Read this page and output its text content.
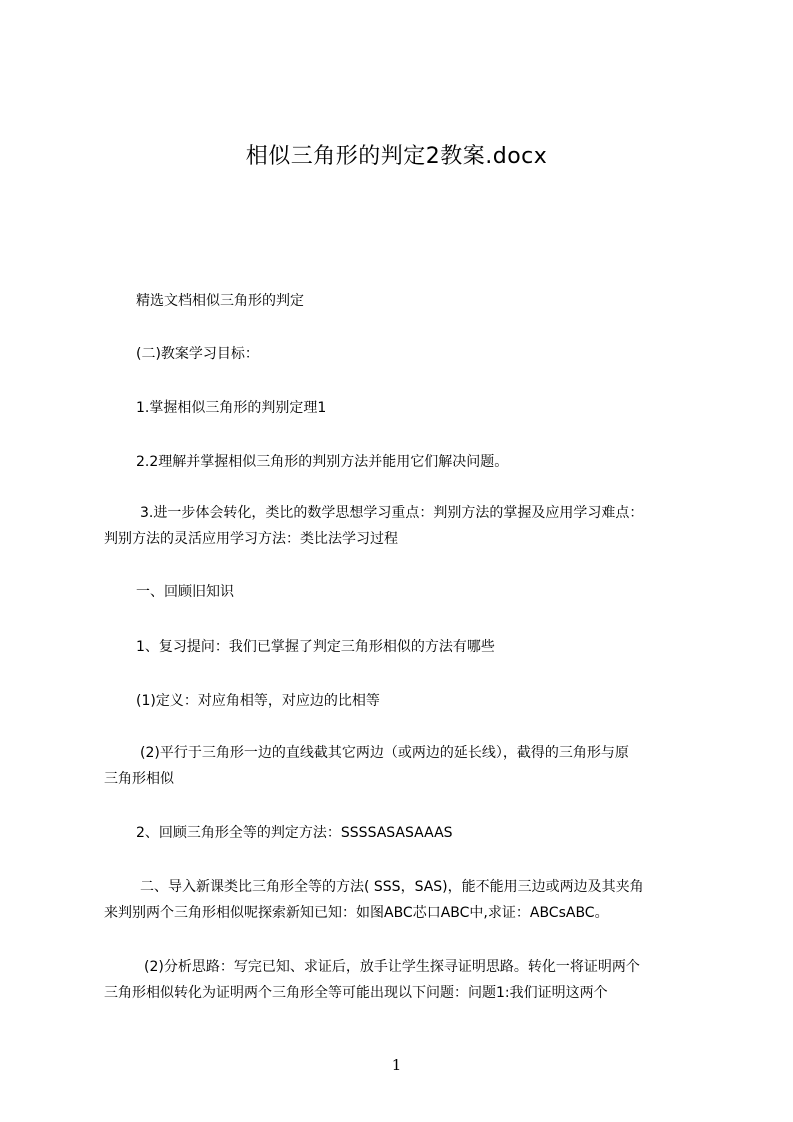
相似三角形的判定2教案.docx
精选文档相似三角形的判定
(二)教案学习目标：
1.掌握相似三角形的判别定理1
2.2理解并掌握相似三角形的判别方法并能用它们解决问题。
3.进一步体会转化，类比的数学思想学习重点：判别方法的掌握及应用学习难点：
判别方法的灵活应用学习方法：类比法学习过程
一、回顾旧知识
1、复习提问：我们已掌握了判定三角形相似的方法有哪些
(1)定义：对应角相等，对应边的比相等
(2)平行于三角形一边的直线截其它两边（或两边的延长线），截得的三角形与原
三角形相似
2、回顾三角形全等的判定方法：SSSSASASAAAS
二、导入新课类比三角形全等的方法( SSS，SAS)，能不能用三边或两边及其夹角
来判别两个三角形相似呢探索新知已知：如图ABC芯口ABC中,求证：ABCsABC。
(2)分析思路：写完已知、求证后，放手让学生探寻证明思路。转化一将证明两个
三角形相似转化为证明两个三角形全等可能出现以下问题：问题1:我们证明这两个
1
